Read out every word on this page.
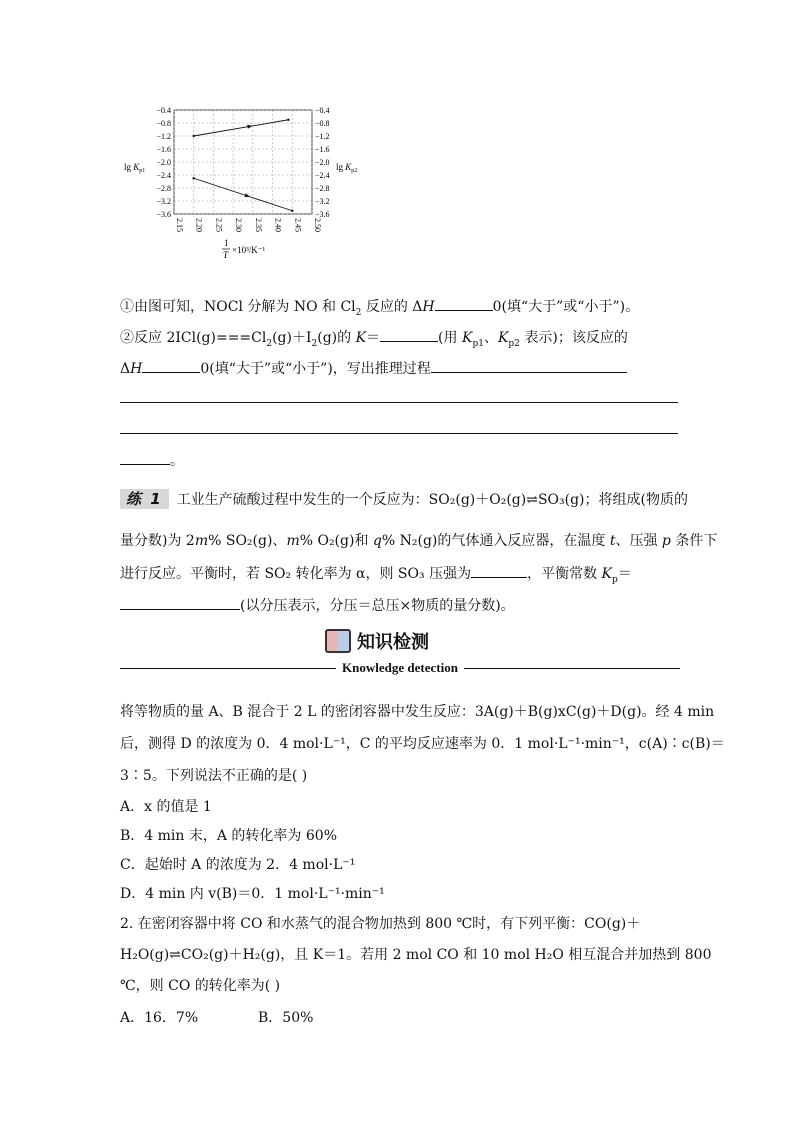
2.15 2.20 2.25 2.30 2.35 2.40 2.45 2.50
−0.4
−0.8
−1.2
−1.6
−2.0
−2.4
−2.8
−3.2
−3.6
−0.4
−0.8
−1.2
−1.6
−2.0
−2.4
−2.8
−3.2
−3.6
$\lg K_{p1}$	$\lg K_{p2}$
1
T ×10³/K⁻¹
①由图可知，NOCl 分解为 NO 和 $Cl_2$ 反应的 ΔH	0(填“大于”或“小于”)。
②反应 $2ICl(g)===Cl_2(g)+I_2(g)$的 K＝	(用 $K_{p1}$、$K_{p2}$ 表示)；该反应的
ΔH	0(填“大于”或“小于”)，写出推理过程
。
练 1 工业生产硫酸过程中发生的一个反应为：SO₂(g)＋O₂(g)⇌SO₃(g)；将组成(物质的
量分数)为 2m% SO₂(g)、m% O₂(g)和 q% N₂(g)的气体通入反应器，在温度 t、压强 p 条件下
进行反应。平衡时，若 SO₂ 转化率为 α，则 SO₃ 压强为	，平衡常数 $K_p=$
(以分压表示，分压＝总压×物质的量分数)。
知识检测
Knowledge detection
将等物质的量 A、B 混合于 2 L 的密闭容器中发生反应：3A(g)＋B(g)xC(g)＋D(g)。经 4 min
后，测得 D 的浓度为 0．4 mol·L⁻¹，C 的平均反应速率为 0．1 mol·L⁻¹·min⁻¹，c(A)∶c(B)＝
3∶5。下列说法不正确的是( )
A．x 的值是 1
B．4 min 末，A 的转化率为 60%
C．起始时 A 的浓度为 2．4 mol·L⁻¹
D．4 min 内 v(B)＝0．1 mol·L⁻¹·min⁻¹
2. 在密闭容器中将 CO 和水蒸气的混合物加热到 800 ℃时，有下列平衡：CO(g)＋
H₂O(g)⇌CO₂(g)＋H₂(g)，且 K＝1。若用 2 mol CO 和 10 mol H₂O 相互混合并加热到 800
℃，则 CO 的转化率为( )
A．16．7%	B．50%
